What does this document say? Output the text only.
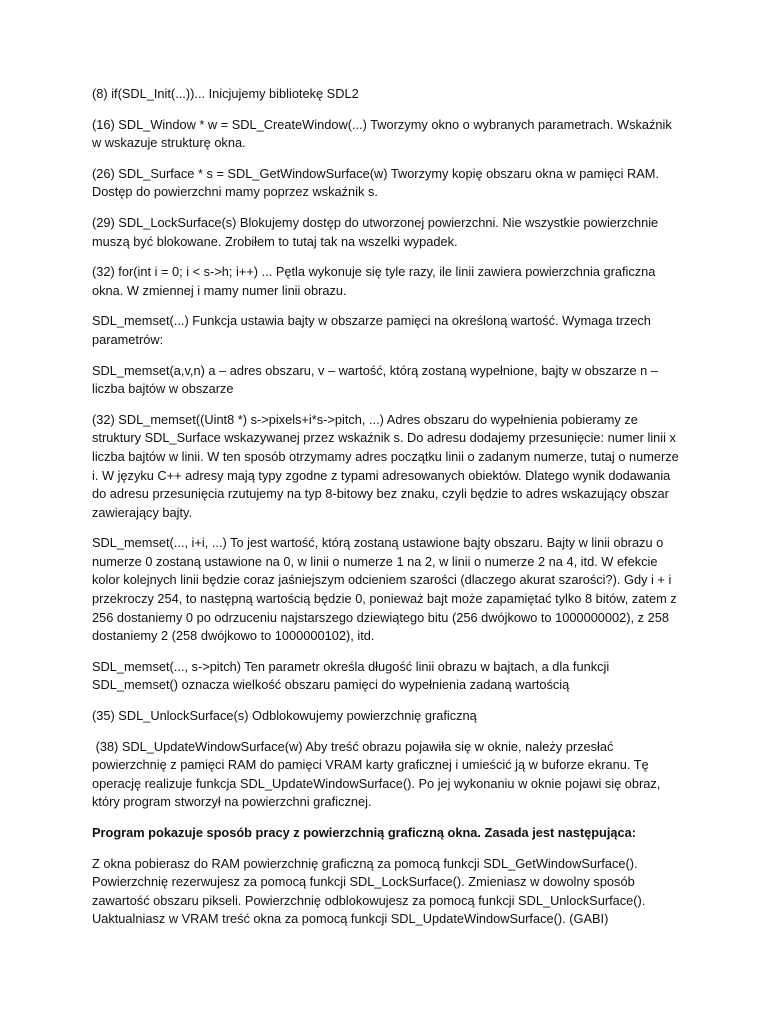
(8) if(SDL_Init(...))... Inicjujemy bibliotekę SDL2

(16) SDL_Window * w = SDL_CreateWindow(...) Tworzymy okno o wybranych parametrach. Wskaźnik w wskazuje strukturę okna.

(26) SDL_Surface * s = SDL_GetWindowSurface(w) Tworzymy kopię obszaru okna w pamięci RAM. Dostęp do powierzchni mamy poprzez wskaźnik s.

(29) SDL_LockSurface(s) Blokujemy dostęp do utworzonej powierzchni. Nie wszystkie powierzchnie muszą być blokowane. Zrobiłem to tutaj tak na wszelki wypadek.

(32) for(int i = 0; i < s->h; i++) ... Pętla wykonuje się tyle razy, ile linii zawiera powierzchnia graficzna okna. W zmiennej i mamy numer linii obrazu.

SDL_memset(...) Funkcja ustawia bajty w obszarze pamięci na określoną wartość. Wymaga trzech parametrów:

SDL_memset(a,v,n) a – adres obszaru, v – wartość, którą zostaną wypełnione, bajty w obszarze n – liczba bajtów w obszarze

(32) SDL_memset((Uint8 *) s->pixels+i*s->pitch, ...) Adres obszaru do wypełnienia pobieramy ze struktury SDL_Surface wskazywanej przez wskaźnik s. Do adresu dodajemy przesunięcie: numer linii x liczba bajtów w linii. W ten sposób otrzymamy adres początku linii o zadanym numerze, tutaj o numerze i. W języku C++ adresy mają typy zgodne z typami adresowanych obiektów. Dlatego wynik dodawania do adresu przesunięcia rzutujemy na typ 8-bitowy bez znaku, czyli będzie to adres wskazujący obszar zawierający bajty.

SDL_memset(..., i+i, ...) To jest wartość, którą zostaną ustawione bajty obszaru. Bajty w linii obrazu o numerze 0 zostaną ustawione na 0, w linii o numerze 1 na 2, w linii o numerze 2 na 4, itd. W efekcie kolor kolejnych linii będzie coraz jaśniejszym odcieniem szarości (dlaczego akurat szarości?). Gdy i + i przekroczy 254, to następną wartością będzie 0, ponieważ bajt może zapamiętać tylko 8 bitów, zatem z 256 dostaniemy 0 po odrzuceniu najstarszego dziewiątego bitu (256 dwójkowo to 1000000002), z 258 dostaniemy 2 (258 dwójkowo to 1000000102), itd.

SDL_memset(..., s->pitch) Ten parametr określa długość linii obrazu w bajtach, a dla funkcji SDL_memset() oznacza wielkość obszaru pamięci do wypełnienia zadaną wartością

(35) SDL_UnlockSurface(s) Odblokowujemy powierzchnię graficzną

(38) SDL_UpdateWindowSurface(w) Aby treść obrazu pojawiła się w oknie, należy przesłać powierzchnię z pamięci RAM do pamięci VRAM karty graficznej i umieścić ją w buforze ekranu. Tę operację realizuje funkcja SDL_UpdateWindowSurface(). Po jej wykonaniu w oknie pojawi się obraz, który program stworzył na powierzchni graficznej.

Program pokazuje sposób pracy z powierzchnią graficzną okna. Zasada jest następująca:

Z okna pobierasz do RAM powierzchnię graficzną za pomocą funkcji SDL_GetWindowSurface(). Powierzchnię rezerwujesz za pomocą funkcji SDL_LockSurface(). Zmieniasz w dowolny sposób zawartość obszaru pikseli. Powierzchnię odblokowujesz za pomocą funkcji SDL_UnlockSurface(). Uaktualniasz w VRAM treść okna za pomocą funkcji SDL_UpdateWindowSurface(). (GABI)
